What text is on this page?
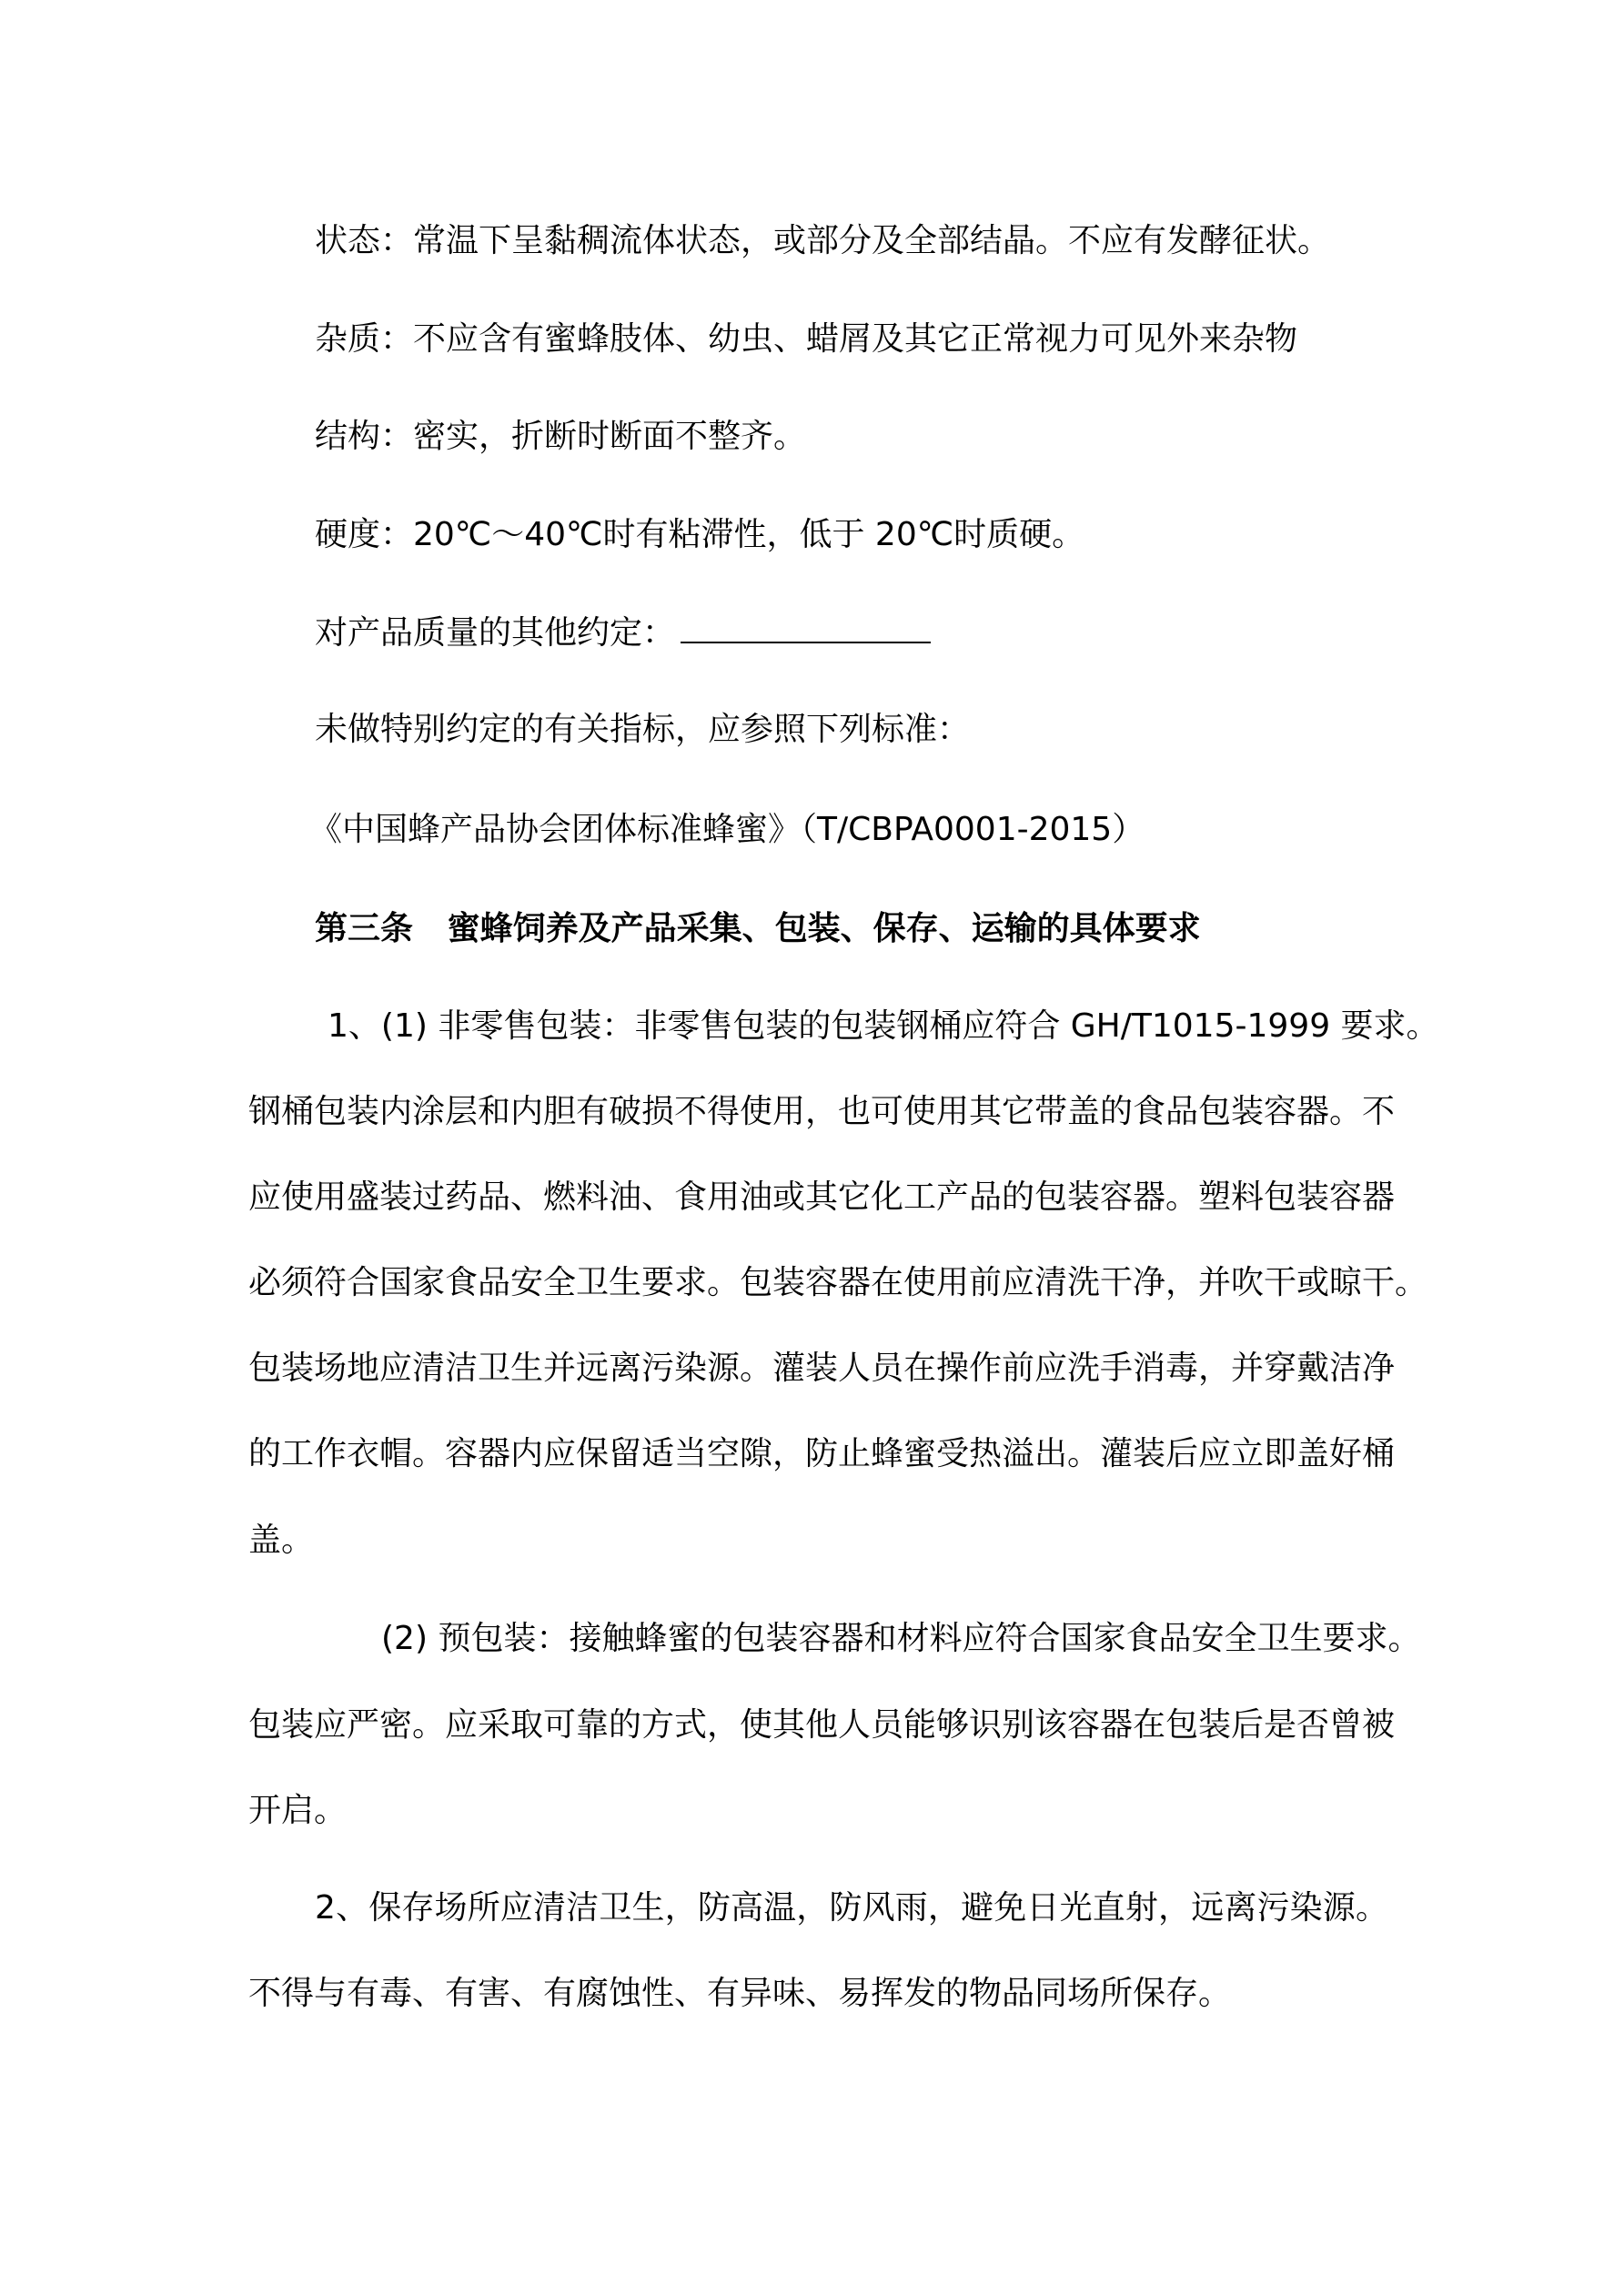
状态：常温下呈黏稠流体状态，或部分及全部结晶。不应有发酵征状。
杂质：不应含有蜜蜂肢体、幼虫、蜡屑及其它正常视力可见外来杂物
结构：密实，折断时断面不整齐。
硬度：20℃～40℃时有粘滞性，低于 20℃时质硬。
对产品质量的其他约定：
未做特别约定的有关指标，应参照下列标准：
《中国蜂产品协会团体标准蜂蜜》（T/CBPA0001-2015）
第三条   蜜蜂饲养及产品采集、包装、保存、运输的具体要求
1、(1) 非零售包装：非零售包装的包装钢桶应符合 GH/T1015-1999 要求。
钢桶包装内涂层和内胆有破损不得使用，也可使用其它带盖的食品包装容器。不
应使用盛装过药品、燃料油、食用油或其它化工产品的包装容器。塑料包装容器
必须符合国家食品安全卫生要求。包装容器在使用前应清洗干净，并吹干或晾干。
包装场地应清洁卫生并远离污染源。灌装人员在操作前应洗手消毒，并穿戴洁净
的工作衣帽。容器内应保留适当空隙，防止蜂蜜受热溢出。灌装后应立即盖好桶
盖。
(2) 预包装：接触蜂蜜的包装容器和材料应符合国家食品安全卫生要求。
包装应严密。应采取可靠的方式，使其他人员能够识别该容器在包装后是否曾被
开启。
2、保存场所应清洁卫生，防高温，防风雨，避免日光直射，远离污染源。
不得与有毒、有害、有腐蚀性、有异味、易挥发的物品同场所保存。
